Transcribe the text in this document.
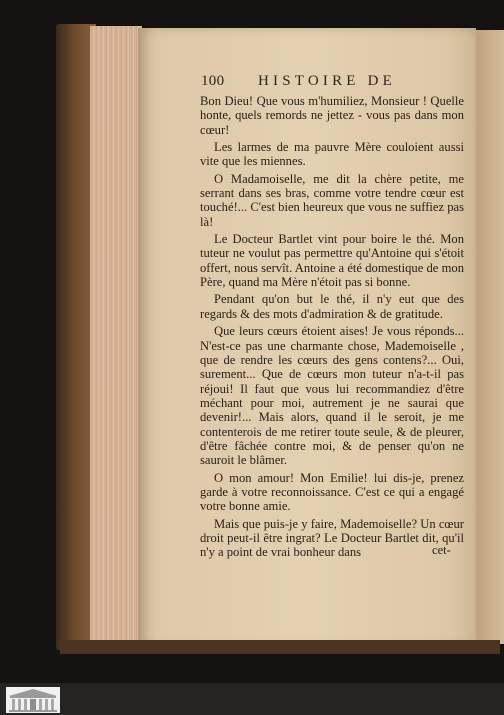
100 HISTOIRE DE

Bon Dieu! Que vous m'humiliez, Monsieur ! Quelle honte, quels remords ne jettez - vous pas dans mon cœur!

Les larmes de ma pauvre Mère couloient aussi vite que les miennes.

O Madamoiselle, me dit la chère petite, me serrant dans ses bras, comme votre tendre cœur est touché!... C'est bien heureux que vous ne suffiez pas là!

Le Docteur Bartlet vint pour boire le thé. Mon tuteur ne voulut pas permettre qu'Antoine qui s'étoit offert, nous servît. Antoine a été domestique de mon Père, quand ma Mère n'étoit pas si bonne.

Pendant qu'on but le thé, il n'y eut que des regards & des mots d'admiration & de gratitude.

Que leurs cœurs étoient aises! Je vous réponds... N'est-ce pas une charmante chose, Mademoiselle , que de rendre les cœurs des gens contens?... Oui, surement... Que de cœurs mon tuteur n'a-t-il pas réjoui! Il faut que vous lui recommandiez d'être méchant pour moi, autrement je ne saurai que devenir!... Mais alors, quand il le seroit, je me contenterois de me retirer toute seule, & de pleurer, d'être fâchée contre moi, & de penser qu'on ne sauroit le blâmer.

O mon amour! Mon Emilie! lui dis-je, prenez garde à votre reconnoissance. C'est ce qui a engagé votre bonne amie.

Mais que puis-je y faire, Mademoiselle? Un cœur droit peut-il être ingrat? Le Docteur Bartlet dit, qu'il n'y a point de vrai bonheur dans	cet-
